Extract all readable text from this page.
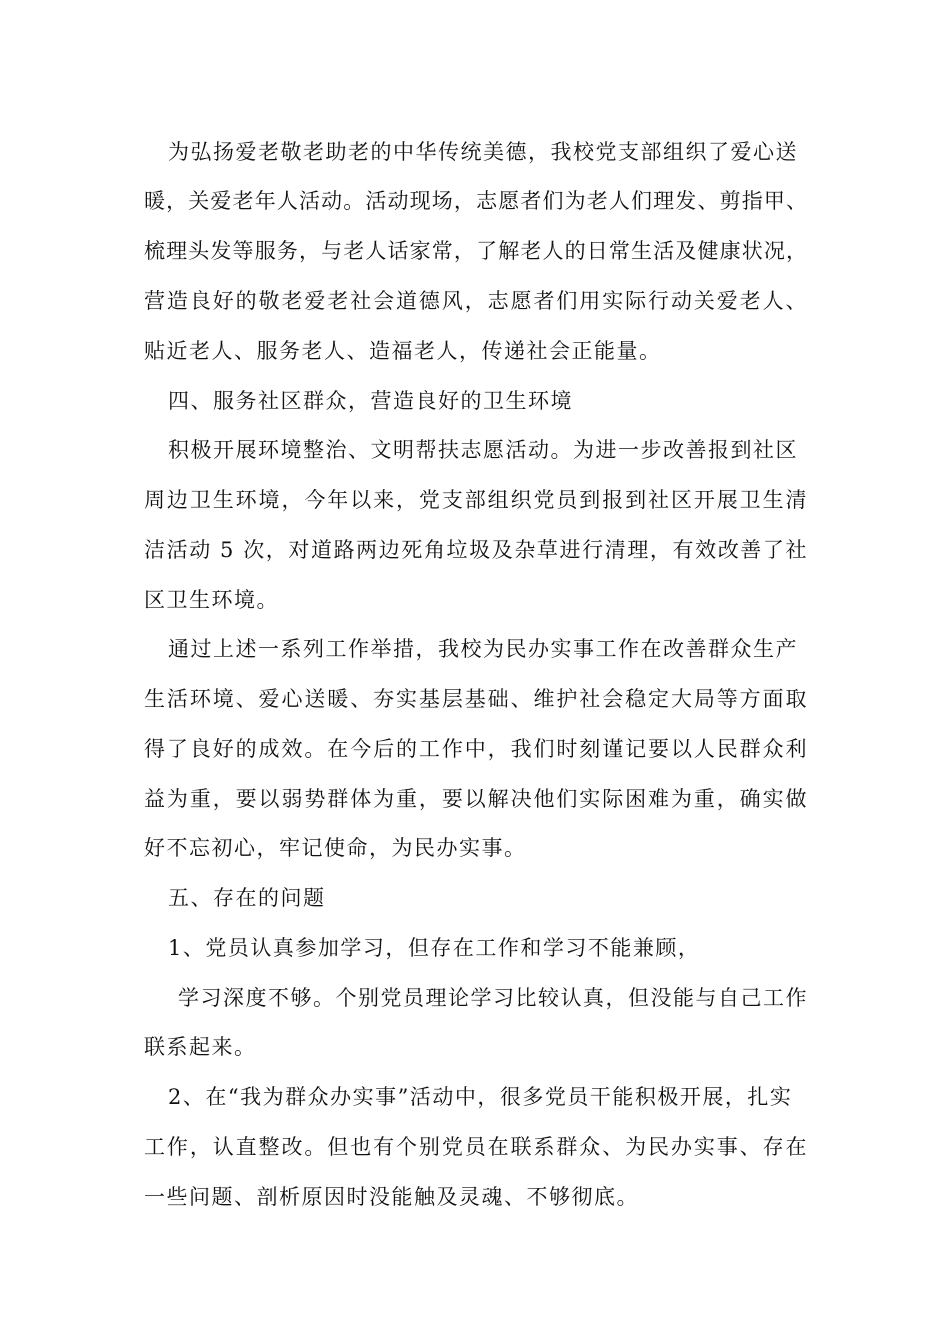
为弘扬爱老敬老助老的中华传统美德，我校党支部组织了爱心送
暖，关爱老年人活动。活动现场，志愿者们为老人们理发、剪指甲、
梳理头发等服务，与老人话家常，了解老人的日常生活及健康状况，
营造良好的敬老爱老社会道德风，志愿者们用实际行动关爱老人、
贴近老人、服务老人、造福老人，传递社会正能量。
四、服务社区群众，营造良好的卫生环境
积极开展环境整治、文明帮扶志愿活动。为进一步改善报到社区
周边卫生环境，今年以来，党支部组织党员到报到社区开展卫生清
洁活动 5 次，对道路两边死角垃圾及杂草进行清理，有效改善了社
区卫生环境。
通过上述一系列工作举措，我校为民办实事工作在改善群众生产
生活环境、爱心送暖、夯实基层基础、维护社会稳定大局等方面取
得了良好的成效。在今后的工作中，我们时刻谨记要以人民群众利
益为重，要以弱势群体为重，要以解决他们实际困难为重，确实做
好不忘初心，牢记使命，为民办实事。
五、存在的问题
1、党员认真参加学习，但存在工作和学习不能兼顾，
学习深度不够。个别党员理论学习比较认真，但没能与自己工作
联系起来。
2、在“我为群众办实事”活动中，很多党员干能积极开展，扎实
工作，认直整改。但也有个别党员在联系群众、为民办实事、存在
一些问题、剖析原因时没能触及灵魂、不够彻底。
